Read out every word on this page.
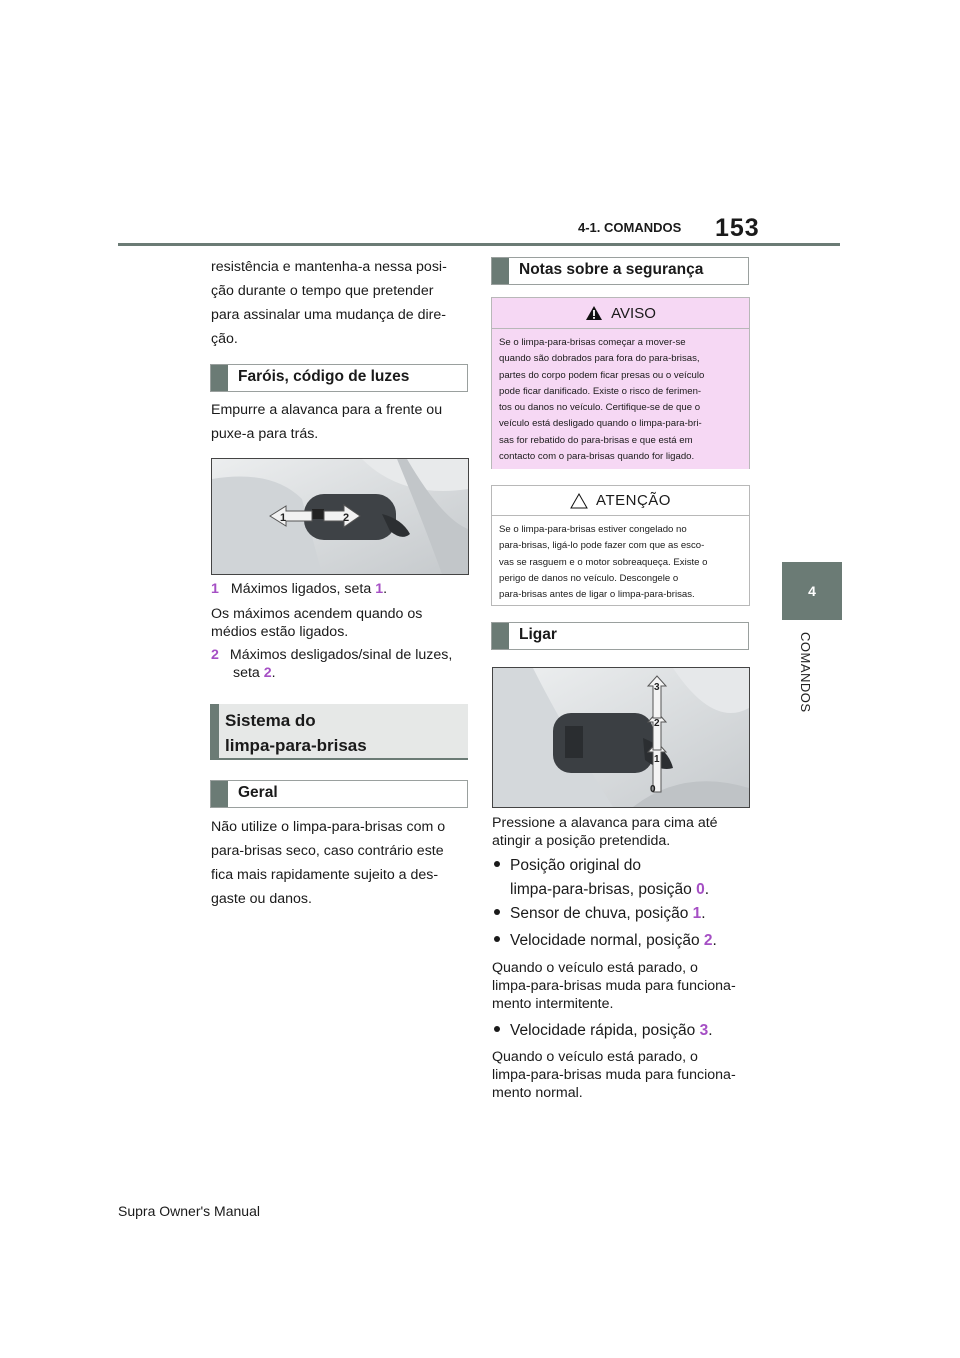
4-1. COMANDOS 153
4
COMANDOS
resistência e mantenha-a nessa posi-
ção durante o tempo que pretender
para assinalar uma mudança de dire-
ção.
Faróis, código de luzes
Empurre a alavanca para a frente ou
puxe-a para trás.
1	2
1 Máximos ligados, seta 1.
Os máximos acendem quando os
médios estão ligados.
2 Máximos desligados/sinal de luzes,
seta 2.
Sistema do
limpa-para-brisas
Geral
Não utilize o limpa-para-brisas com o
para-brisas seco, caso contrário este
fica mais rapidamente sujeito a des-
gaste ou danos.
Notas sobre a segurança
AVISO
Se o limpa-para-brisas começar a mover-se
quando são dobrados para fora do para-brisas,
partes do corpo podem ficar presas ou o veículo
pode ficar danificado. Existe o risco de ferimen-
tos ou danos no veículo. Certifique-se de que o
veículo está desligado quando o limpa-para-bri-
sas for rebatido do para-brisas e que está em
contacto com o para-brisas quando for ligado.
ATENÇÃO
Se o limpa-para-brisas estiver congelado no
para-brisas, ligá-lo pode fazer com que as esco-
vas se rasguem e o motor sobreaqueça. Existe o
perigo de danos no veículo. Descongele o
para-brisas antes de ligar o limpa-para-brisas.
Ligar
3
2
1
0
Pressione a alavanca para cima até
atingir a posição pretendida.
Posição original do
limpa-para-brisas, posição 0.
Sensor de chuva, posição 1.
Velocidade normal, posição 2.
Quando o veículo está parado, o
limpa-para-brisas muda para funciona-
mento intermitente.
Velocidade rápida, posição 3.
Quando o veículo está parado, o
limpa-para-brisas muda para funciona-
mento normal.
Supra Owner's Manual
